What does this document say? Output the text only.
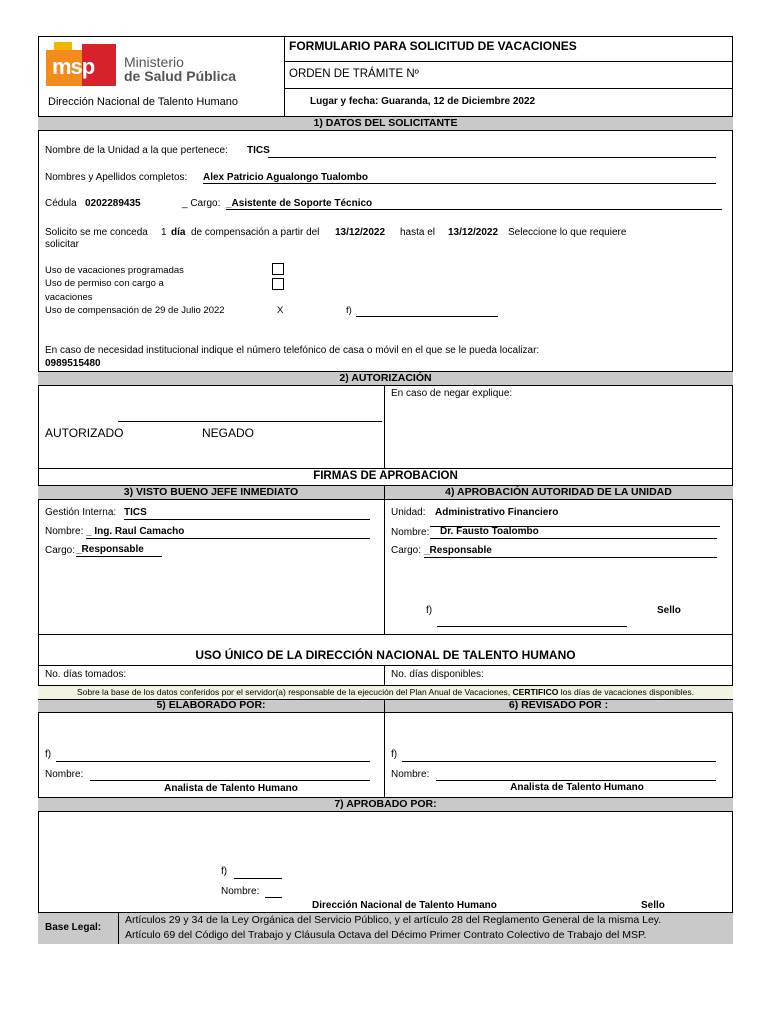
msp Ministerio
de Salud Pública
Dirección Nacional de Talento Humano
FORMULARIO PARA SOLICITUD DE VACACIONES
ORDEN DE TRÁMITE Nº
Lugar y fecha: Guaranda, 12 de Diciembre 2022
1) DATOS DEL SOLICITANTE
Nombre de la Unidad a la que pertenece: TICS
Nombres y Apellidos completos: Alex Patricio Agualongo Tualombo
Cédula 0202289435	_ Cargo: _Asistente de Soporte Técnico
Solicito se me conceda 1 día de compensación a partir del 13/12/2022 hasta el 13/12/2022 Seleccione lo que requiere
solicitar
Uso de vacaciones programadas
Uso de permiso con cargo a
vacaciones
Uso de compensación de 29 de Julio 2022	X	f)
En caso de necesidad institucional indique el número telefónico de casa o móvil en el que se le pueda localizar:
0989515480
2) AUTORIZACIÓN
AUTORIZADO	NEGADO
En caso de negar explique:
FIRMAS DE APROBACION
3) VISTO BUENO JEFE INMEDIATO	4) APROBACIÓN AUTORIDAD DE LA UNIDAD
Gestión Interna: TICS
Nombre: _ Ing. Raul Camacho
Cargo: _Responsable
Unidad: Administrativo Financiero
Nombre: Dr. Fausto Toalombo
Cargo: _Responsable
f)	Sello
USO ÚNICO DE LA DIRECCIÓN NACIONAL DE TALENTO HUMANO
No. días tomados:	No. días disponibles:
Sobre la base de los datos conferidos por el servidor(a) responsable de la ejecución del Plan Anual de Vacaciones, CERTIFICO los días de vacaciones disponibles.
5) ELABORADO POR:	6) REVISADO POR :
f)
Nombre:
Analista de Talento Humano
f)
Nombre:
Analista de Talento Humano
7) APROBADO POR:
f)
Nombre:
Dirección Nacional de Talento Humano	Sello
Base Legal:
Artículos 29 y 34 de la Ley Orgánica del Servicio Público, y el artículo 28 del Reglamento General de la misma Ley.
Artículo 69 del Código del Trabajo y Cláusula Octava del Décimo Primer Contrato Colectivo de Trabajo del MSP.
